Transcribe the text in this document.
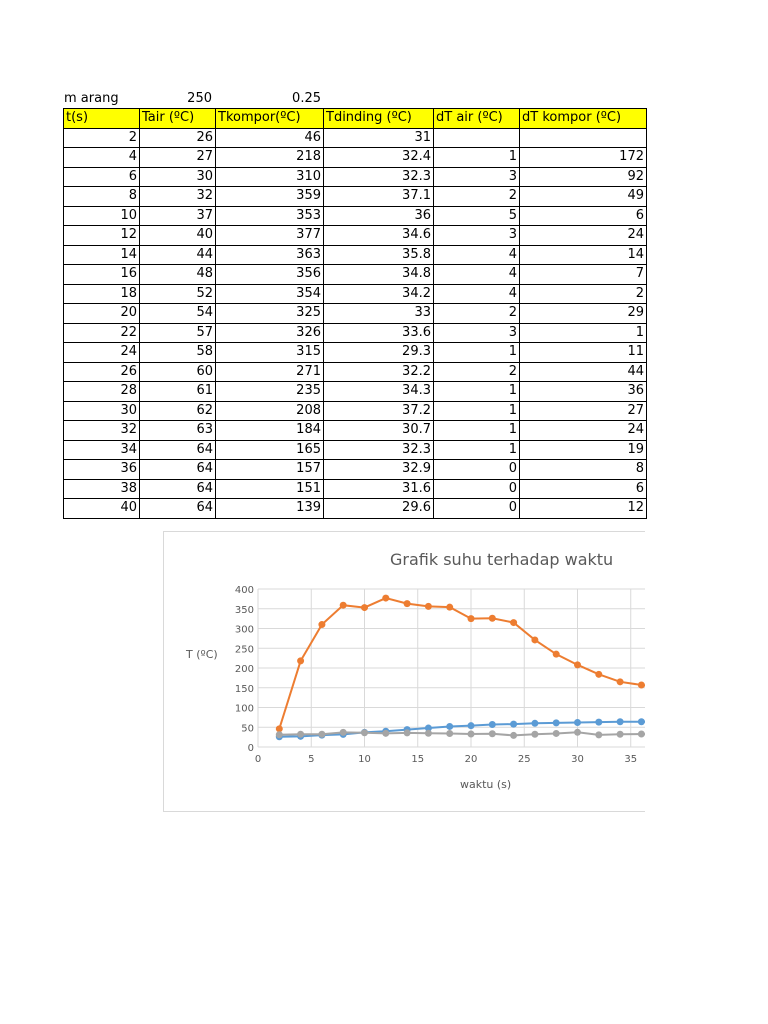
m arang	250	0.25
t(s)	Tair (ºC)	Tkompor(ºC)	Tdinding (ºC)	dT air (ºC)	dT kompor (ºC)
2	26	46	31		
4	27	218	32.4	1	172
6	30	310	32.3	3	92
8	32	359	37.1	2	49
10	37	353	36	5	6
12	40	377	34.6	3	24
14	44	363	35.8	4	14
16	48	356	34.8	4	7
18	52	354	34.2	4	2
20	54	325	33	2	29
22	57	326	33.6	3	1
24	58	315	29.3	1	11
26	60	271	32.2	2	44
28	61	235	34.3	1	36
30	62	208	37.2	1	27
32	63	184	30.7	1	24
34	64	165	32.3	1	19
36	64	157	32.9	0	8
38	64	151	31.6	0	6
40	64	139	29.6	0	12
0
50
100
150
200
250
300
350
400
0	5	10	15	20	25	30	35
Grafik suhu terhadap waktu
waktu (s)
T (ºC)
